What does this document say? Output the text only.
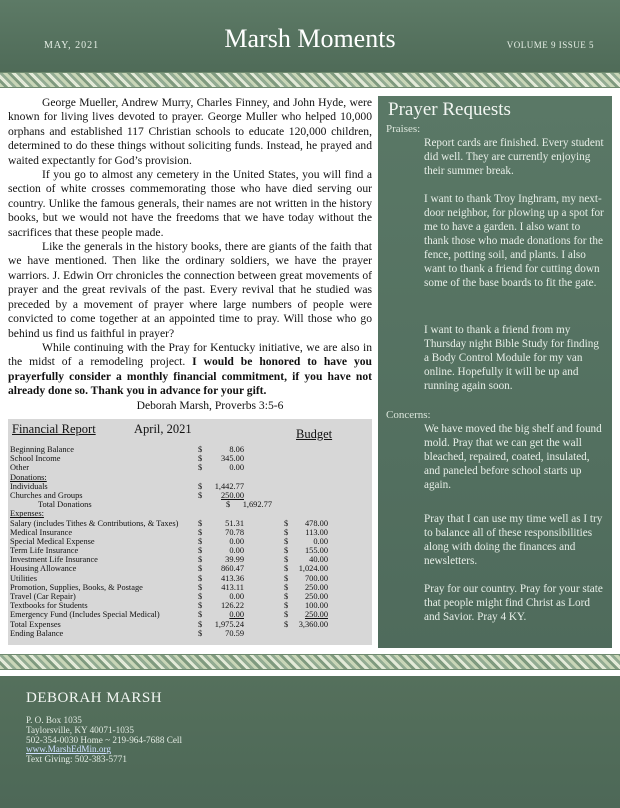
MAY, 2021	Marsh Moments	VOLUME 9 ISSUE 5

George Mueller, Andrew Murry, Charles Finney, and John Hyde, were known for living lives devoted to prayer. George Muller who helped 10,000 orphans and established 117 Christian schools to educate 120,000 children, determined to do these things without soliciting funds. Instead, he prayed and waited expectantly for God’s provision.

If you go to almost any cemetery in the United States, you will find a section of white crosses commemorating those who have died serving our country. Unlike the famous generals, their names are not written in the history books, but we would not have the freedoms that we have today without the sacrifices that these people made.

Like the generals in the history books, there are giants of the faith that we have mentioned. Then like the ordinary soldiers, we have the prayer warriors. J. Edwin Orr chronicles the connection between great movements of prayer and the great revivals of the past. Every revival that he studied was preceded by a movement of prayer where large numbers of people were convicted to come together at an appointed time to pray. Will those who go behind us find us faithful in prayer?

While continuing with the Pray for Kentucky initiative, we are also in the midst of a remodeling project. I would be honored to have you prayerfully consider a monthly financial commitment, if you have not already done so. Thank you in advance for your gift.

Deborah Marsh, Proverbs 3:5-6

Financial Report	April, 2021	Budget
Beginning Balance	$	8.06
School Income	$	345.00
Other	$	0.00
Donations:
Individuals	$	1,442.77
Churches and Groups	$	250.00
Total Donations	$	1,692.77
Expenses:
Salary (includes Tithes & Contributions, & Taxes)	$	51.31	$	478.00
Medical Insurance	$	70.78	$	113.00
Special Medical Expense	$	0.00	$	0.00
Term Life Insurance	$	0.00	$	155.00
Investment Life Insurance	$	39.99	$	40.00
Housing Allowance	$	860.47	$	1,024.00
Utilities	$	413.36	$	700.00
Promotion, Supplies, Books, & Postage	$	413.11	$	250.00
Travel (Car Repair)	$	0.00	$	250.00
Textbooks for Students	$	126.22	$	100.00
Emergency Fund (Includes Special Medical)	$	0.00	$	250.00
Total Expenses	$	1,975.24	$	3,360.00
Ending Balance	$	70.59
Prayer Requests
Praises:
Report cards are finished. Every student did well. They are currently enjoying their summer break.
I want to thank Troy Inghram, my next-door neighbor, for plowing up a spot for me to have a garden. I also want to thank those who made donations for the fence, potting soil, and plants. I also want to thank a friend for cutting down some of the base boards to fit the gate.
I want to thank a friend from my Thursday night Bible Study for finding a Body Control Module for my van online. Hopefully it will be up and running again soon.
Concerns:
We have moved the big shelf and found mold. Pray that we can get the wall bleached, repaired, coated, insulated, and paneled before school starts up again.
Pray that I can use my time well as I try to balance all of these responsibilities along with doing the finances and newsletters.
Pray for our country. Pray for your state that people might find Christ as Lord and Savior. Pray 4 KY.
DEBORAH MARSH
P. O. Box 1035
Taylorsville, KY 40071-1035
502-354-0030 Home ~ 219-964-7688 Cell
www.MarshEdMin.org
Text Giving: 502-383-5771
